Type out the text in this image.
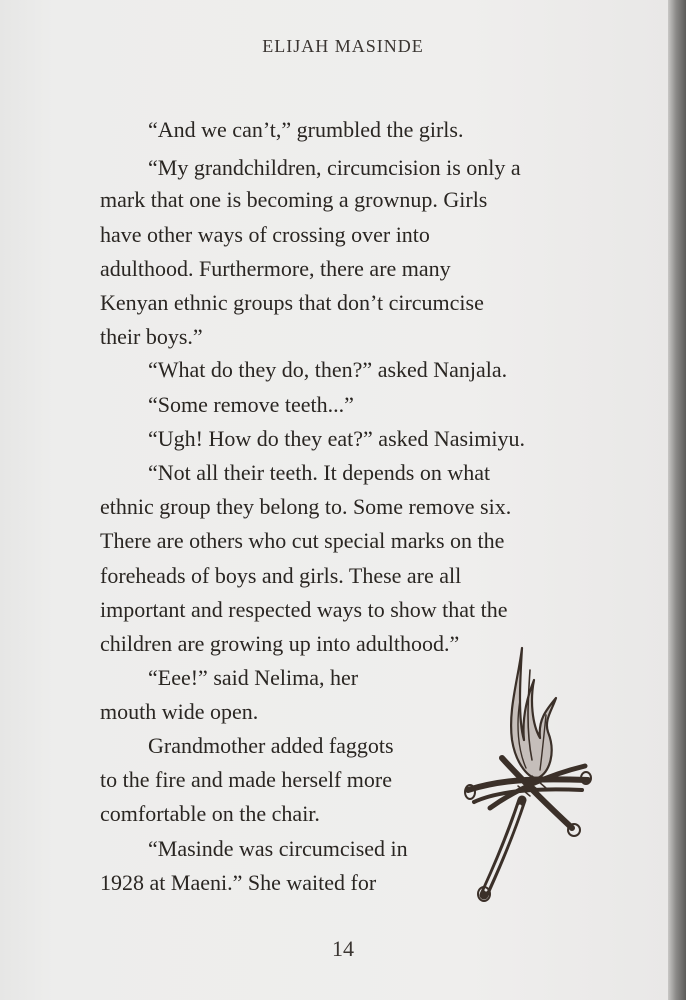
ELIJAH MASINDE
“And we can’t,” grumbled the girls.
“My grandchildren, circumcision is only a
mark that one is becoming a grownup. Girls
have other ways of crossing over into
adulthood. Furthermore, there are many
Kenyan ethnic groups that don’t circumcise
their boys.”
“What do they do, then?” asked Nanjala.
“Some remove teeth...”
“Ugh! How do they eat?” asked Nasimiyu.
“Not all their teeth. It depends on what
ethnic group they belong to. Some remove six.
There are others who cut special marks on the
foreheads of boys and girls. These are all
important and respected ways to show that the
children are growing up into adulthood.”
“Eee!” said Nelima, her
mouth wide open.
Grandmother added faggots
to the fire and made herself more
comfortable on the chair.
“Masinde was circumcised in
1928 at Maeni.” She waited for
14
